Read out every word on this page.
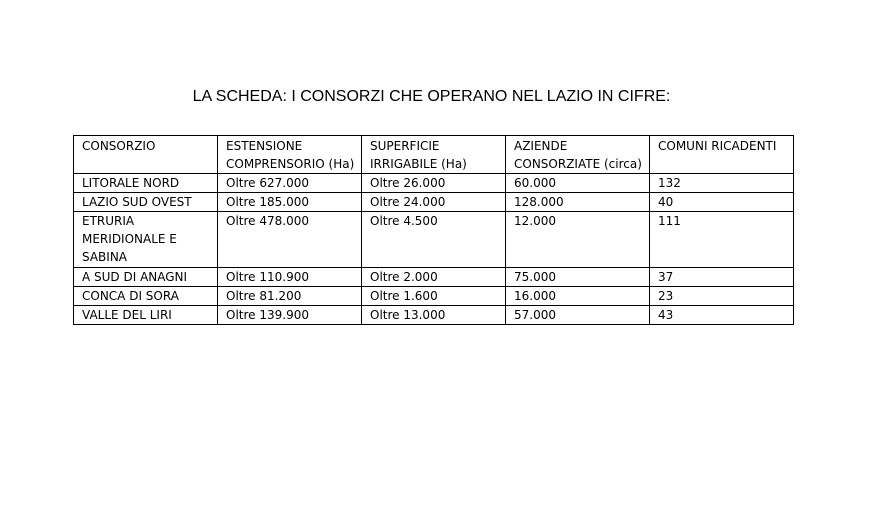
LA SCHEDA: I CONSORZI CHE OPERANO NEL LAZIO IN CIFRE:
CONSORZIO	ESTENSIONE COMPRENSORIO (Ha)	SUPERFICIE IRRIGABILE (Ha)	AZIENDE CONSORZIATE (circa)	COMUNI RICADENTI
LITORALE NORD	Oltre 627.000	Oltre 26.000	60.000	132
LAZIO SUD OVEST	Oltre 185.000	Oltre 24.000	128.000	40
ETRURIA MERIDIONALE E SABINA	Oltre 478.000	Oltre 4.500	12.000	111
A SUD DI ANAGNI	Oltre 110.900	Oltre 2.000	75.000	37
CONCA DI SORA	Oltre 81.200	Oltre 1.600	16.000	23
VALLE DEL LIRI	Oltre 139.900	Oltre 13.000	57.000	43
